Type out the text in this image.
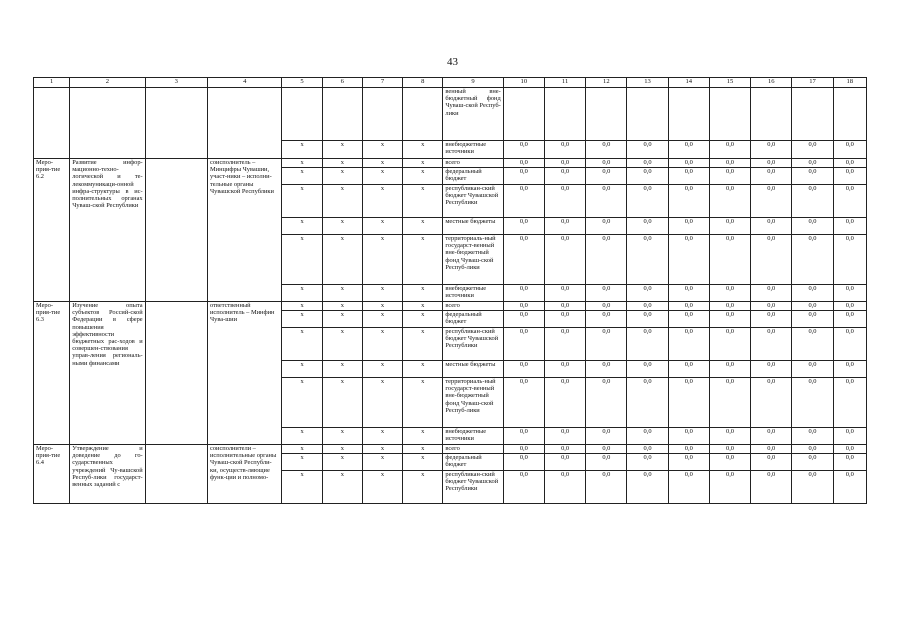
43
1	2	3	4	5	6	7	8	9	10	11	12	13	14	15	16	17	18
								венный вне-бюджетный фонд Чуваш-ской Респуб-лики									
				x	x	x	x	внебюджетные источники	0,0	0,0	0,0	0,0	0,0	0,0	0,0	0,0	0,0
Меро-прия-тие 6.2	Развитие инфор-мационно-техно-логической и те-лекоммуникаци-онной инфра-структуры в ис-полнительных органах Чуваш-ской Республики		соисполнитель – Минцифры Чувашии, участ-ники – исполни-тельные органы Чувашской Республики	x	x	x	x	всего	0,0	0,0	0,0	0,0	0,0	0,0	0,0	0,0	0,0
				x	x	x	x	федеральный бюджет	0,0	0,0	0,0	0,0	0,0	0,0	0,0	0,0	0,0
				x	x	x	x	республикан-ский бюджет Чувашской Республики	0,0	0,0	0,0	0,0	0,0	0,0	0,0	0,0	0,0
				x	x	x	x	местные бюджеты	0,0	0,0	0,0	0,0	0,0	0,0	0,0	0,0	0,0
				x	x	x	x	территориаль-ный государст-венный вне-бюджетный фонд Чуваш-ской Респуб-лики	0,0	0,0	0,0	0,0	0,0	0,0	0,0	0,0	0,0
				x	x	x	x	внебюджетные источники	0,0	0,0	0,0	0,0	0,0	0,0	0,0	0,0	0,0
Меро-прия-тие 6.3	Изучение опыта субъектов Россий-ской Федерации в сфере повышения эффективности бюджетных рас-ходов и совершен-ствования управ-ления региональ-ными финансами		ответственный исполнитель – Минфин Чува-шии	x	x	x	x	всего	0,0	0,0	0,0	0,0	0,0	0,0	0,0	0,0	0,0
				x	x	x	x	федеральный бюджет	0,0	0,0	0,0	0,0	0,0	0,0	0,0	0,0	0,0
				x	x	x	x	республикан-ский бюджет Чувашской Республики	0,0	0,0	0,0	0,0	0,0	0,0	0,0	0,0	0,0
				x	x	x	x	местные бюджеты	0,0	0,0	0,0	0,0	0,0	0,0	0,0	0,0	0,0
				x	x	x	x	территориаль-ный государст-венный вне-бюджетный фонд Чуваш-ской Респуб-лики	0,0	0,0	0,0	0,0	0,0	0,0	0,0	0,0	0,0
				x	x	x	x	внебюджетные источники	0,0	0,0	0,0	0,0	0,0	0,0	0,0	0,0	0,0
Меро-прия-тие 6.4	Утверждение и доведение до го-сударственных учреждений Чу-вашской Респуб-лики государст-венных заданий с		соисполнители – исполнительные органы Чуваш-ской Республи-ки, осуществ-ляющие функ-ции и полномо-	x	x	x	x	всего	0,0	0,0	0,0	0,0	0,0	0,0	0,0	0,0	0,0
				x	x	x	x	федеральный бюджет	0,0	0,0	0,0	0,0	0,0	0,0	0,0	0,0	0,0
				x	x	x	x	республикан-ский бюджет Чувашской Республики	0,0	0,0	0,0	0,0	0,0	0,0	0,0	0,0	0,0
